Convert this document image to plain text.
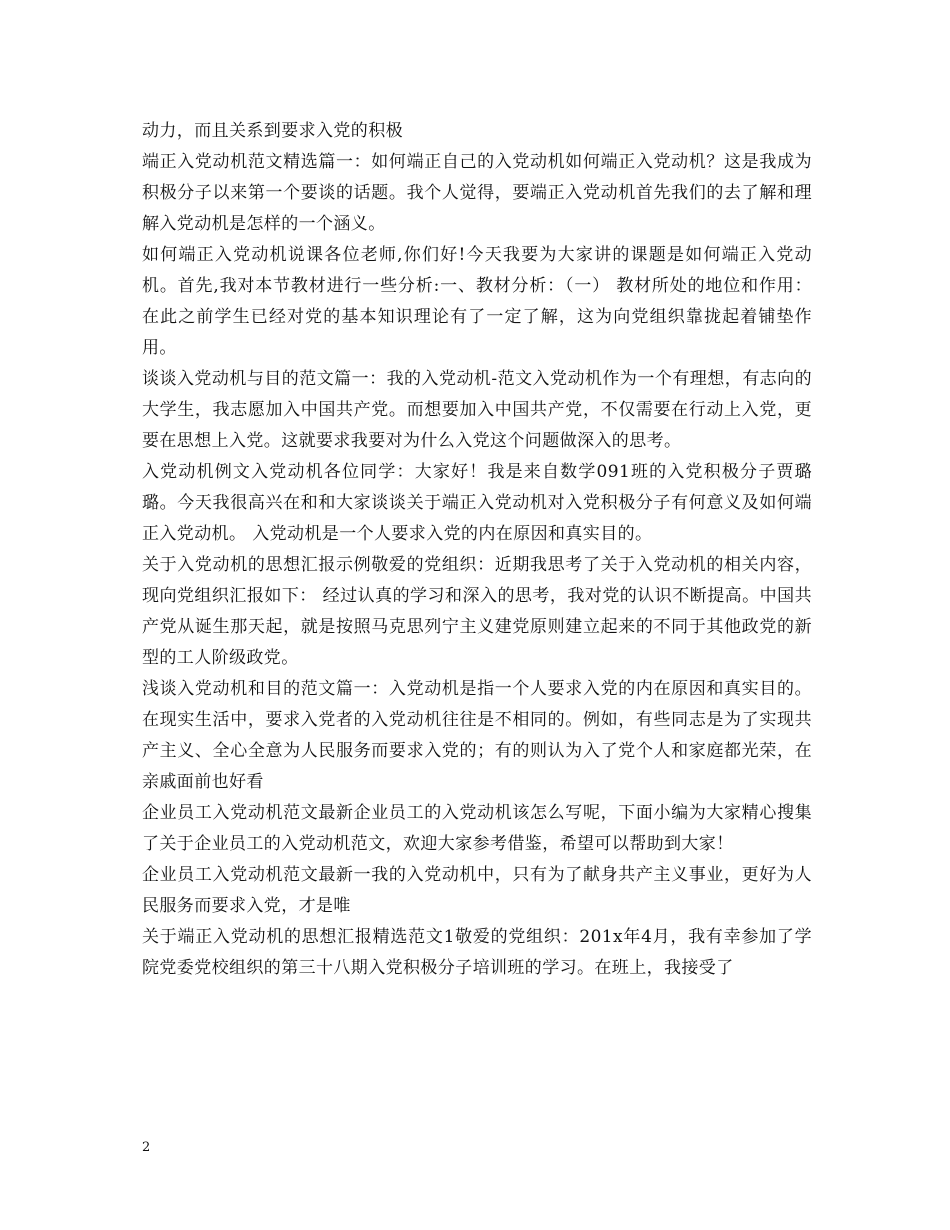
动力，而且关系到要求入党的积极

端正入党动机范文精选篇一：如何端正自己的入党动机如何端正入党动机？这是我成为积极分子以来第一个要谈的话题。我个人觉得，要端正入党动机首先我们的去了解和理解入党动机是怎样的一个涵义。

如何端正入党动机说课各位老师,你们好!今天我要为大家讲的课题是如何端正入党动机。首先,我对本节教材进行一些分析:一、教材分析：（一） 教材所处的地位和作用：在此之前学生已经对党的基本知识理论有了一定了解，这为向党组织靠拢起着铺垫作用。

谈谈入党动机与目的范文篇一：我的入党动机-范文入党动机作为一个有理想，有志向的大学生，我志愿加入中国共产党。而想要加入中国共产党，不仅需要在行动上入党，更要在思想上入党。这就要求我要对为什么入党这个问题做深入的思考。

入党动机例文入党动机各位同学：大家好！我是来自数学091班的入党积极分子贾璐璐。今天我很高兴在和和大家谈谈关于端正入党动机对入党积极分子有何意义及如何端正入党动机。 入党动机是一个人要求入党的内在原因和真实目的。

关于入党动机的思想汇报示例敬爱的党组织：近期我思考了关于入党动机的相关内容，现向党组织汇报如下： 经过认真的学习和深入的思考，我对党的认识不断提高。中国共产党从诞生那天起，就是按照马克思列宁主义建党原则建立起来的不同于其他政党的新型的工人阶级政党。

浅谈入党动机和目的范文篇一：入党动机是指一个人要求入党的内在原因和真实目的。在现实生活中，要求入党者的入党动机往往是不相同的。例如，有些同志是为了实现共产主义、全心全意为人民服务而要求入党的；有的则认为入了党个人和家庭都光荣，在亲戚面前也好看

企业员工入党动机范文最新企业员工的入党动机该怎么写呢，下面小编为大家精心搜集了关于企业员工的入党动机范文，欢迎大家参考借鉴，希望可以帮助到大家！

企业员工入党动机范文最新一我的入党动机中，只有为了献身共产主义事业，更好为人民服务而要求入党，才是唯

关于端正入党动机的思想汇报精选范文1敬爱的党组织：201x年4月，我有幸参加了学院党委党校组织的第三十八期入党积极分子培训班的学习。在班上，我接受了

2
